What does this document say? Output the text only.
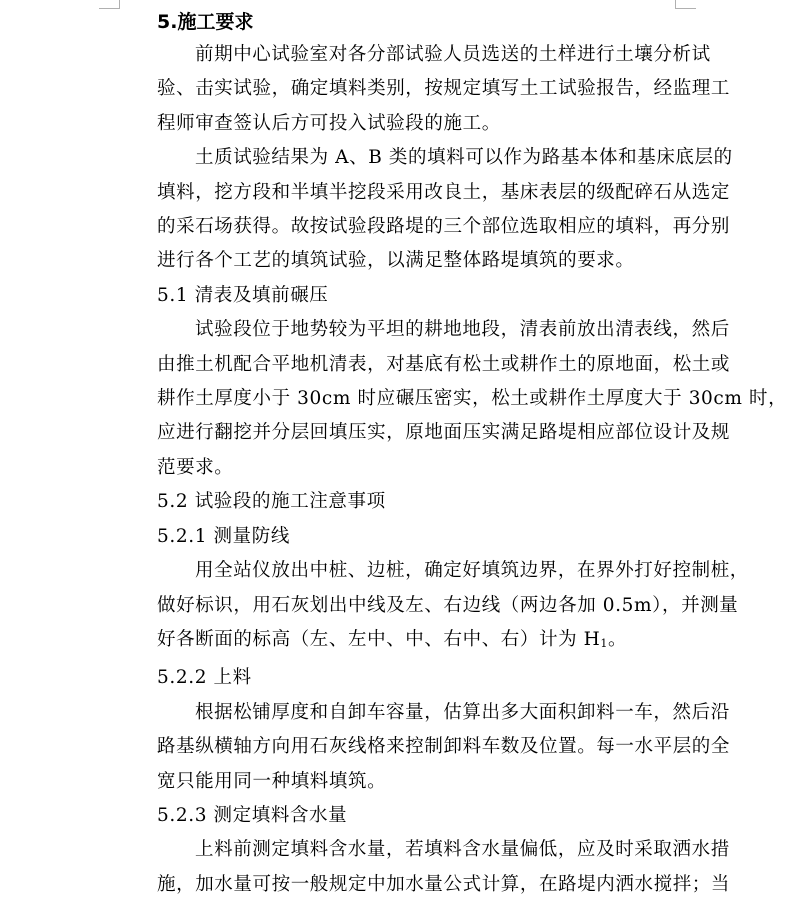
5.施工要求
前期中心试验室对各分部试验人员选送的土样进行土壤分析试
验、击实试验，确定填料类别，按规定填写土工试验报告，经监理工
程师审查签认后方可投入试验段的施工。
土质试验结果为 A、B 类的填料可以作为路基本体和基床底层的
填料，挖方段和半填半挖段采用改良土，基床表层的级配碎石从选定
的采石场获得。故按试验段路堤的三个部位选取相应的填料，再分别
进行各个工艺的填筑试验，以满足整体路堤填筑的要求。
5.1 清表及填前碾压
试验段位于地势较为平坦的耕地地段，清表前放出清表线，然后
由推土机配合平地机清表，对基底有松土或耕作土的原地面，松土或
耕作土厚度小于 30cm 时应碾压密实，松土或耕作土厚度大于 30cm 时，
应进行翻挖并分层回填压实，原地面压实满足路堤相应部位设计及规
范要求。
5.2 试验段的施工注意事项
5.2.1 测量防线
用全站仪放出中桩、边桩，确定好填筑边界，在界外打好控制桩，
做好标识，用石灰划出中线及左、右边线（两边各加 0.5m），并测量
好各断面的标高（左、左中、中、右中、右）计为 $H_1$。
5.2.2 上料
根据松铺厚度和自卸车容量，估算出多大面积卸料一车，然后沿
路基纵横轴方向用石灰线格来控制卸料车数及位置。每一水平层的全
宽只能用同一种填料填筑。
5.2.3 测定填料含水量
上料前测定填料含水量，若填料含水量偏低，应及时采取洒水措
施，加水量可按一般规定中加水量公式计算，在路堤内洒水搅拌；当
